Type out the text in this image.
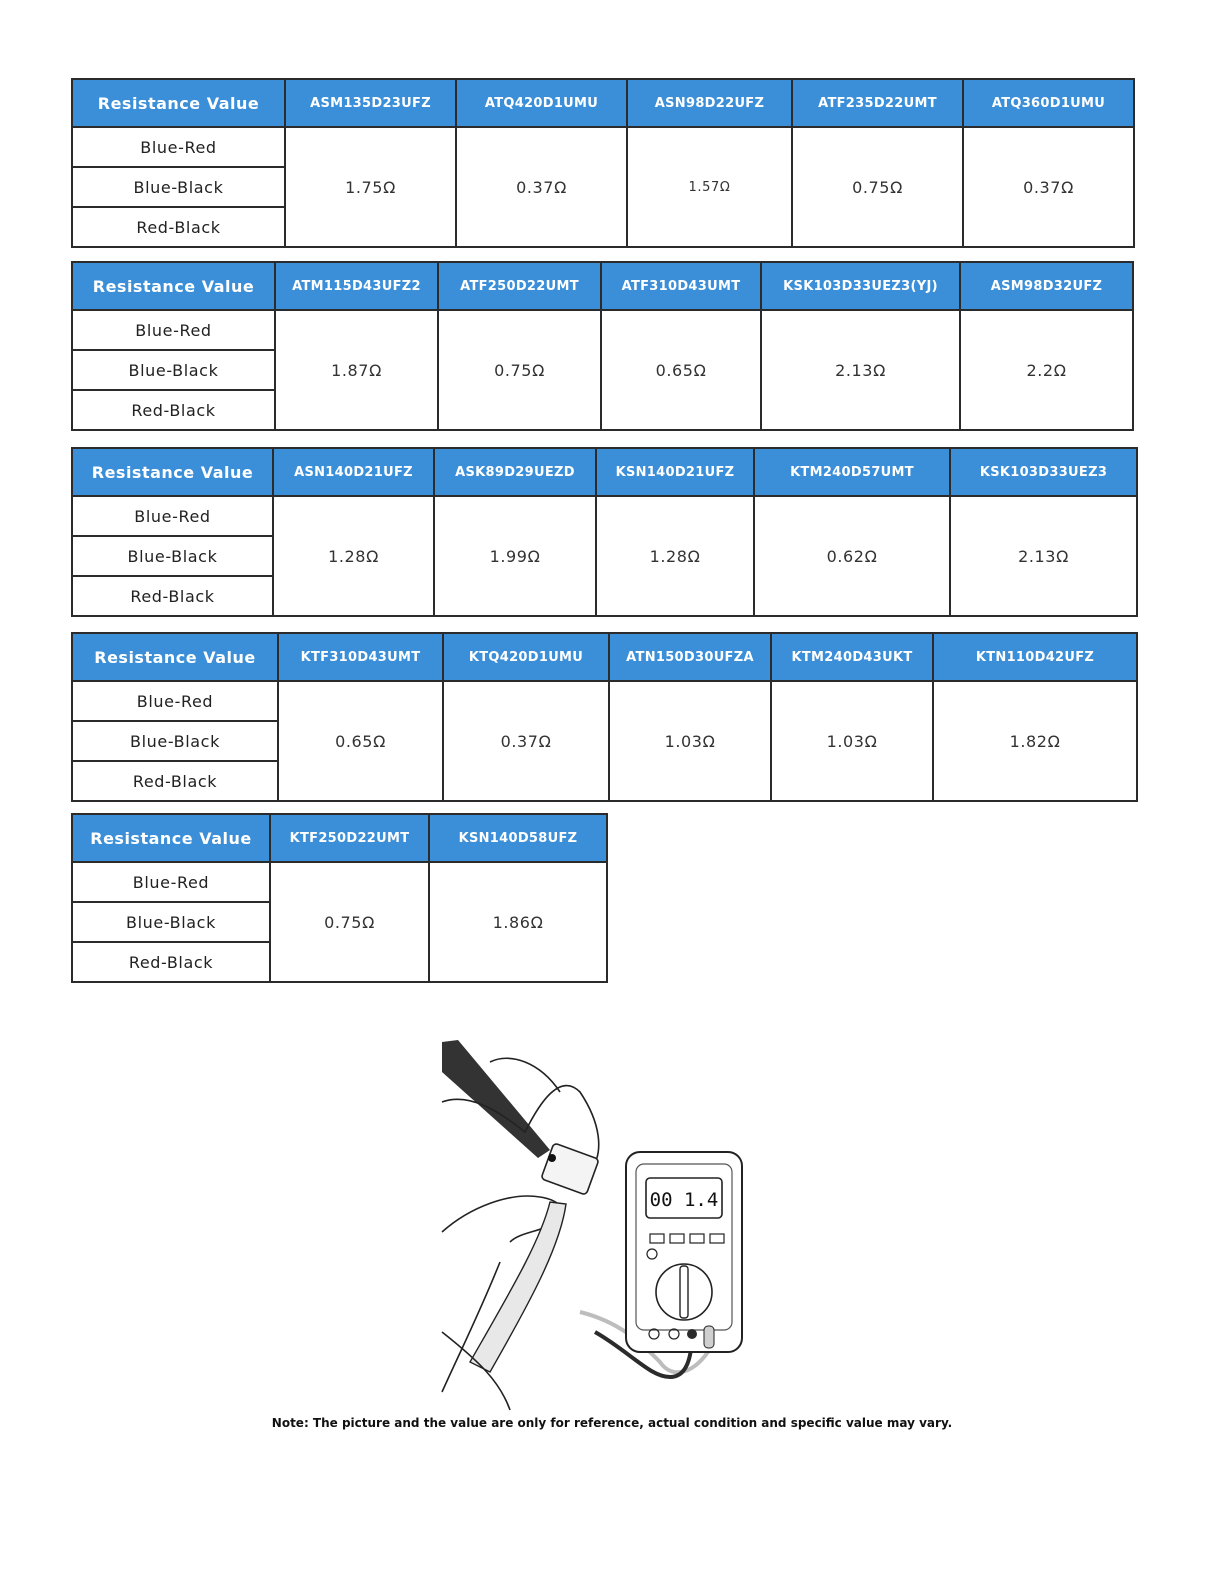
Resistance Value	ASM135D23UFZ	ATQ420D1UMU	ASN98D22UFZ	ATF235D22UMT	ATQ360D1UMU
Blue-Red	1.75Ω	0.37Ω	1.57Ω	0.75Ω	0.37Ω
Blue-Black					
Red-Black					
Resistance Value	ATM115D43UFZ2	ATF250D22UMT	ATF310D43UMT	KSK103D33UEZ3(YJ)	ASM98D32UFZ
Blue-Red	1.87Ω	0.75Ω	0.65Ω	2.13Ω	2.2Ω
Blue-Black					
Red-Black					
Resistance Value	ASN140D21UFZ	ASK89D29UEZD	KSN140D21UFZ	KTM240D57UMT	KSK103D33UEZ3
Blue-Red	1.28Ω	1.99Ω	1.28Ω	0.62Ω	2.13Ω
Blue-Black					
Red-Black					
Resistance Value	KTF310D43UMT	KTQ420D1UMU	ATN150D30UFZA	KTM240D43UKT	KTN110D42UFZ
Blue-Red	0.65Ω	0.37Ω	1.03Ω	1.03Ω	1.82Ω
Blue-Black					
Red-Black					
Resistance Value	KTF250D22UMT	KSN140D58UFZ
Blue-Red	0.75Ω	1.86Ω
Blue-Black		
Red-Black		
00 1.4
Note: The picture and the value are only for reference, actual condition and specific value may vary.
